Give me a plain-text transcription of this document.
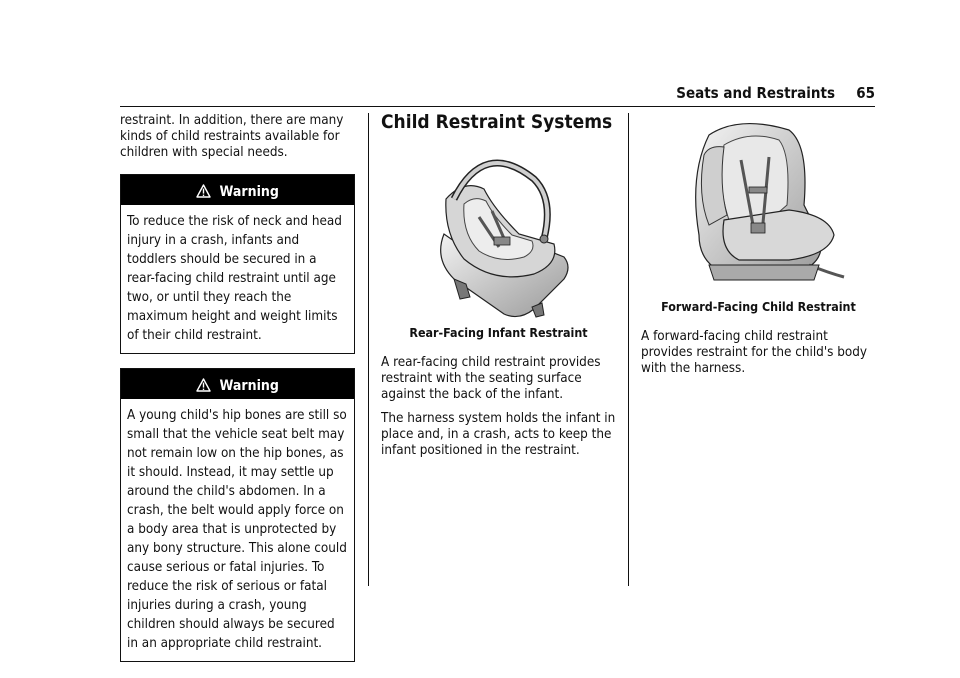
Seats and Restraints 65

restraint. In addition, there are many kinds of child restraints available for children with special needs.

Warning
To reduce the risk of neck and head injury in a crash, infants and toddlers should be secured in a rear-facing child restraint until age two, or until they reach the maximum height and weight limits of their child restraint.
Warning
A young child's hip bones are still so small that the vehicle seat belt may not remain low on the hip bones, as it should. Instead, it may settle up around the child's abdomen. In a crash, the belt would apply force on a body area that is unprotected by any bony structure. This alone could cause serious or fatal injuries. To reduce the risk of serious or fatal injuries during a crash, young children should always be secured in an appropriate child restraint.
Child Restraint Systems
Rear-Facing Infant Restraint

A rear-facing child restraint provides restraint with the seating surface against the back of the infant.

The harness system holds the infant in place and, in a crash, acts to keep the infant positioned in the restraint.

Forward-Facing Child Restraint

A forward-facing child restraint provides restraint for the child's body with the harness.
